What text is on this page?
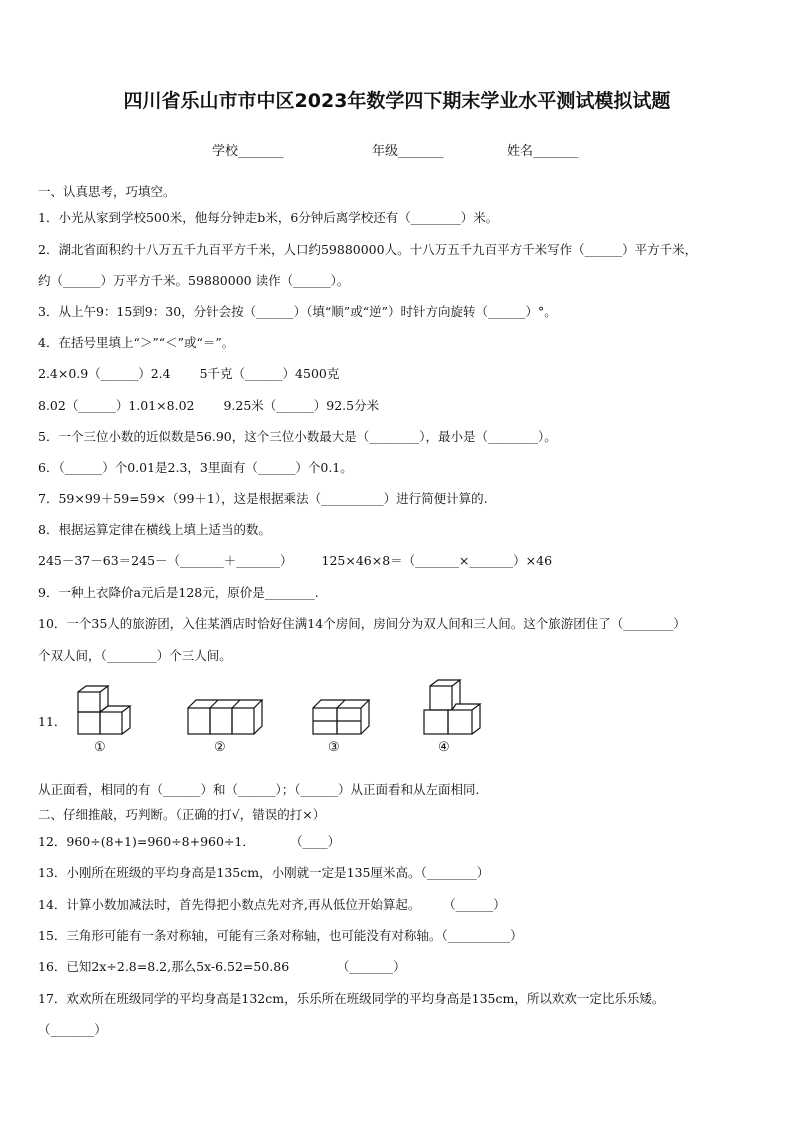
四川省乐山市市中区2023年数学四下期末学业水平测试模拟试题
学校_______	年级_______	姓名_______
一、认真思考，巧填空。
1．小光从家到学校500米，他每分钟走b米，6分钟后离学校还有（________）米。
2．湖北省面积约十八万五千九百平方千米，人口约59880000人。十八万五千九百平方千米写作（______）平方千米，
约（______）万平方千米。59880000 读作（______）。
3．从上午9：15到9：30，分针会按（______）（填“顺”或“逆”）时针方向旋转（______）°。
4．在括号里填上“＞”“＜”或“＝”。
2.4×0.9（______）2.4 　　5千克（______）4500克
8.02（______）1.01×8.02 　　9.25米（______）92.5分米
5．一个三位小数的近似数是56.90，这个三位小数最大是（________），最小是（________）。
6．（______）个0.01是2.3，3里面有（______）个0.1。
7．59×99＋59=59×（99＋1），这是根据乘法（__________）进行简便计算的.
8．根据运算定律在横线上填上适当的数。
245－37－63＝245－（_______＋_______） 　　125×46×8＝（_______×_______）×46
9．一种上衣降价a元后是128元，原价是________.
10．一个35人的旅游团，入住某酒店时恰好住满14个房间，房间分为双人间和三人间。这个旅游团住了（________）
个双人间，（________）个三人间。
11．
①	②	③	④
从正面看，相同的有（______）和（______）；（______）从正面看和从左面相同.
二、仔细推敲，巧判断。（正确的打√，错误的打×）
12．960÷(8+1)=960÷8+960÷1． 　　　（____）
13．小刚所在班级的平均身高是135cm，小刚就一定是135厘米高。（________）
14．计算小数加减法时，首先得把小数点先对齐,再从低位开始算起。 　　（______）
15．三角形可能有一条对称轴，可能有三条对称轴，也可能没有对称轴。（__________）
16．已知2x÷2.8=8.2,那么5x-6.52=50.86 　　　　（_______）
17．欢欢所在班级同学的平均身高是132cm，乐乐所在班级同学的平均身高是135cm，所以欢欢一定比乐乐矮。
（_______）
